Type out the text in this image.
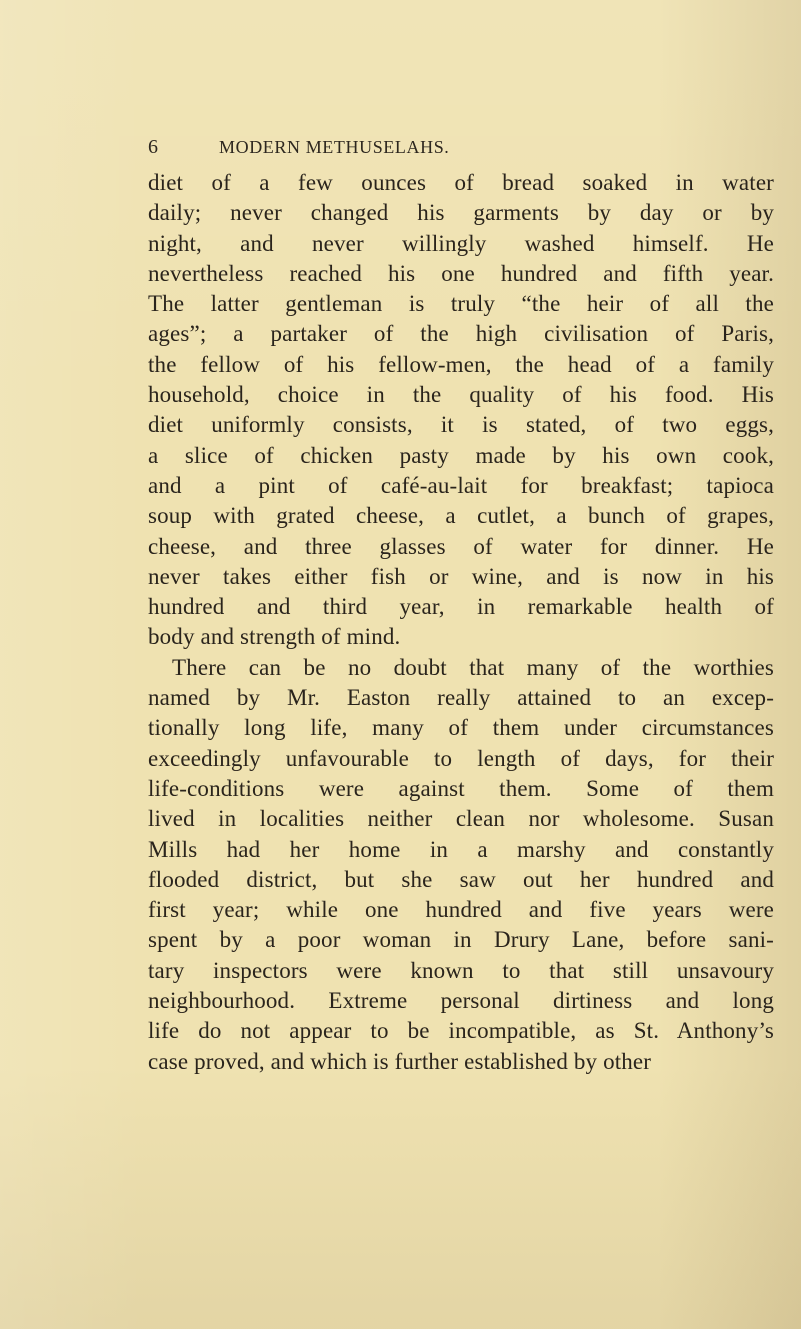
6	MODERN METHUSELAHS.
diet of a few ounces of bread soaked in water
daily; never changed his garments by day or by
night, and never willingly washed himself. He
nevertheless reached his one hundred and fifth year.
The latter gentleman is truly “the heir of all the
ages”; a partaker of the high civilisation of Paris,
the fellow of his fellow-men, the head of a family
household, choice in the quality of his food. His
diet uniformly consists, it is stated, of two eggs,
a slice of chicken pasty made by his own cook,
and a pint of café-au-lait for breakfast; tapioca
soup with grated cheese, a cutlet, a bunch of grapes,
cheese, and three glasses of water for dinner. He
never takes either fish or wine, and is now in his
hundred and third year, in remarkable health of
body and strength of mind.
There can be no doubt that many of the worthies
named by Mr. Easton really attained to an excep-
tionally long life, many of them under circumstances
exceedingly unfavourable to length of days, for their
life-conditions were against them. Some of them
lived in localities neither clean nor wholesome. Susan
Mills had her home in a marshy and constantly
flooded district, but she saw out her hundred and
first year; while one hundred and five years were
spent by a poor woman in Drury Lane, before sani-
tary inspectors were known to that still unsavoury
neighbourhood. Extreme personal dirtiness and long
life do not appear to be incompatible, as St. Anthony’s
case proved, and which is further established by other
